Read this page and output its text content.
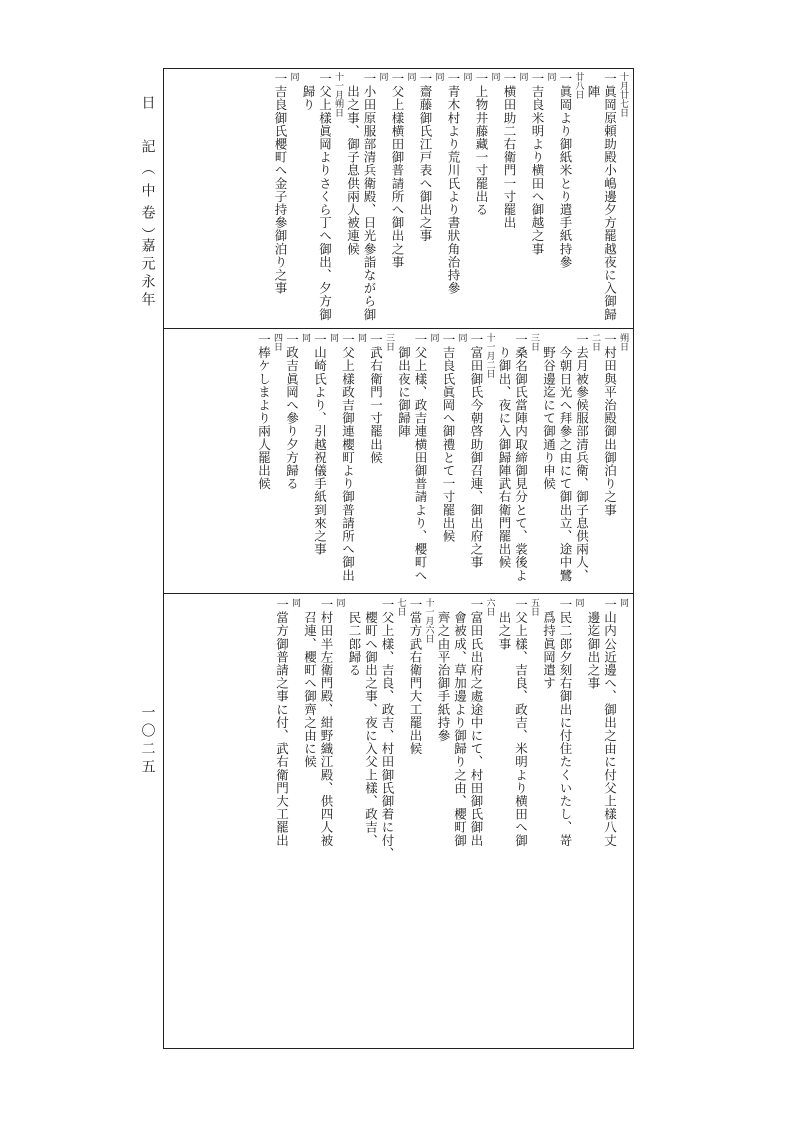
十月廿七日
一眞岡原頼助殿小嶋邊夕方罷越夜に入御歸
　陣
廿八日
一眞岡より御紙米とり遣手紙持參
同
一吉良米明より横田へ御越之事
同
一横田助二右衛門一寸罷出
同
一上物井藤藏一寸罷出る
同
一青木村より荒川氏より書狀角治持參
同
一齋藤御氏江戸表へ御出之事
同
一父上樣横田御普請所へ御出之事
同
一小田原服部清兵衛殿、日光參詣ながら御
　出之事、御子息供兩人被連候
十一月朔日
一父上樣眞岡よりさくら丁へ御出、夕方御
　歸り
同
一吉良御氏櫻町へ金子持參御泊り之事
朔日
一村田與平治殿御出御泊り之事
二日
一去月被參候服部清兵衛、御子息供兩人、
　今朝日光へ拜參之由にて御出立、途中鷺
　野谷邊迄にて御通り申候
三日
一桑名御氏當陣内取締御見分とて、裳後よ
　り御出、夜に入御歸陣武右衛門罷出候
十一月二日
一富田御氏今朝啓助御召連、御出府之事
同
一吉良氏眞岡へ御禮とて一寸罷出候
同
一父上樣、政吉連横田御普請より、櫻町へ
　御出夜に御歸陣
三日
一武右衛門一寸罷出候
同
一父上樣政吉御連櫻町より御普請所へ御出
同
一山崎氏より、引越祝儀手紙到來之事
同
一政吉眞岡へ參り夕方歸る
四日
一棒ケしまより兩人罷出候
同
一山内公近邊へ、御出之由に付父上樣八丈
　邊迄御出之事
同
一民二郎夕刻右御出に付住たくいたし、嵜
　爲持眞岡遣す
五日
一父上樣、吉良、政吉、米明より横田へ御
　出之事
六日
一富田氏出府之處途中にて、村田御氏御出
　會被成、草加邊より御歸り之由、櫻町御
　齊之由平治御手紙持參
十一月六日
一當方武右衛門大工罷出候
七日
一父上樣、吉良、政吉、村田御氏御着に付、
　櫻町へ御出之事、夜に入父上樣、政吉、
　民二郎歸る
同
一村田半左衛門殿、紺野織江殿、供四人被
　召連、櫻町へ御齊之由に候
同
一當方御普請之事に付、武右衛門大工罷出
日　記（中卷）
嘉元永年
一〇二五
